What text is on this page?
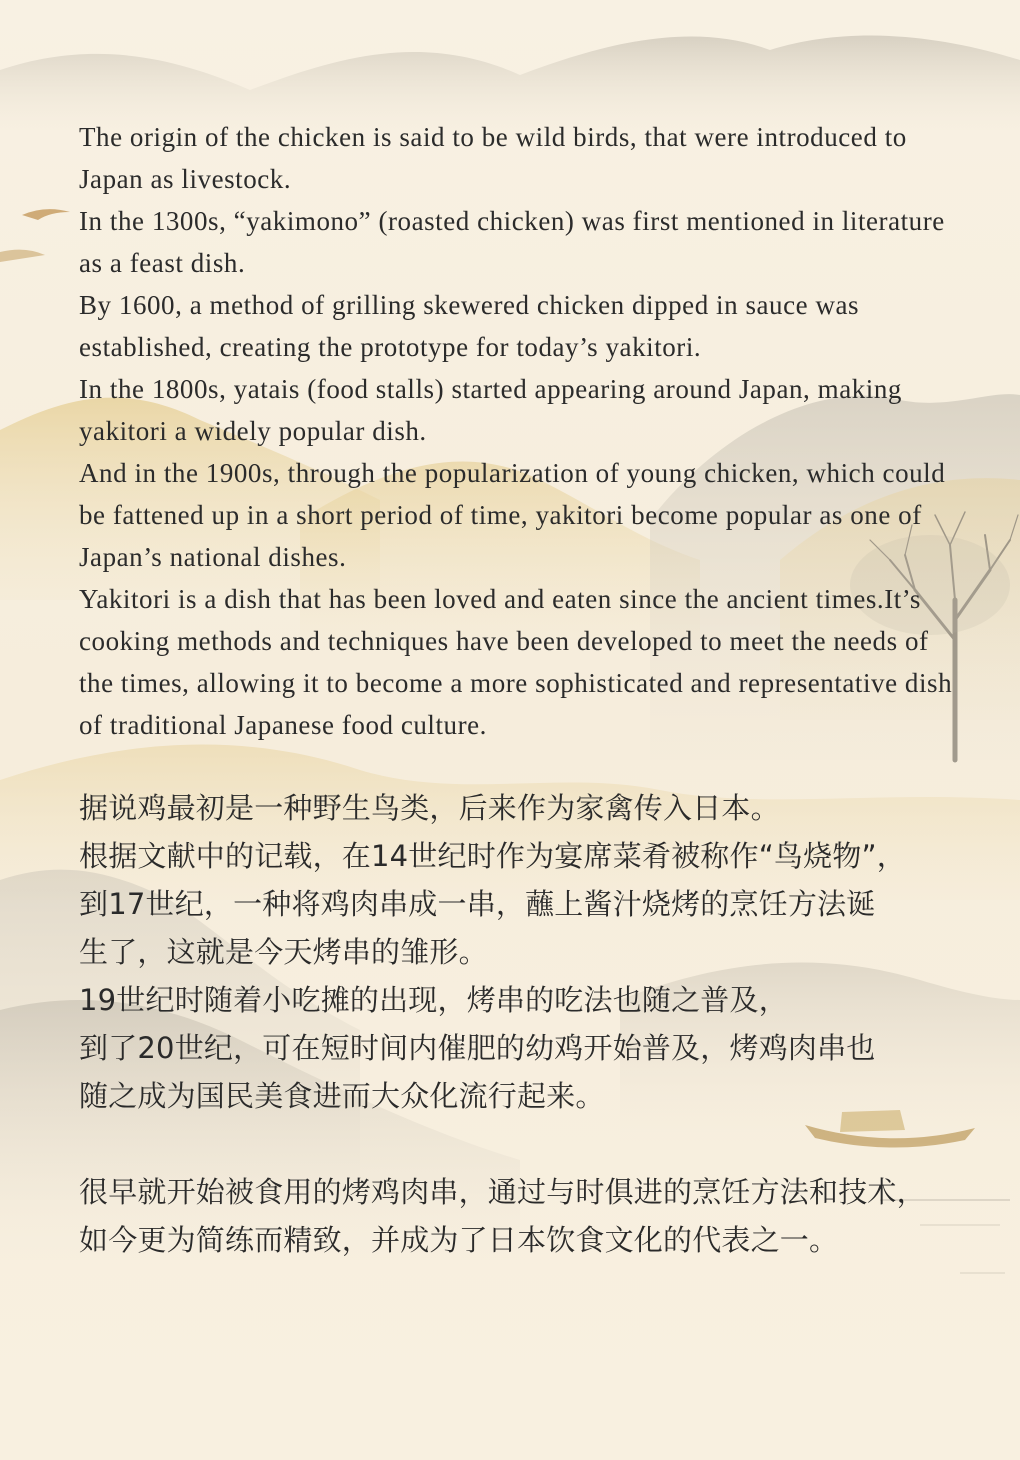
The origin of the chicken is said to be wild birds, that were introduced to Japan as livestock.

In the 1300s, “yakimono” (roasted chicken) was first mentioned in literature as a feast dish.

By 1600, a method of grilling skewered chicken dipped in sauce was established, creating the prototype for today’s yakitori.

In the 1800s, yatais (food stalls) started appearing around Japan, making yakitori a widely popular dish.

And in the 1900s, through the popularization of young chicken, which could be fattened up in a short period of time, yakitori become popular as one of Japan’s national dishes.

Yakitori is a dish that has been loved and eaten since the ancient times.It’s cooking methods and techniques have been developed to meet the needs of the times, allowing it to become a more sophisticated and representative dish of traditional Japanese food culture.

据说鸡最初是一种野生鸟类，后来作为家禽传入日本。

根据文献中的记载，在14世纪时作为宴席菜肴被称作“鸟烧物”，

到17世纪，一种将鸡肉串成一串，蘸上酱汁烧烤的烹饪方法诞

生了，这就是今天烤串的雏形。

19世纪时随着小吃摊的出现，烤串的吃法也随之普及，

到了20世纪，可在短时间内催肥的幼鸡开始普及，烤鸡肉串也

随之成为国民美食进而大众化流行起来。

很早就开始被食用的烤鸡肉串，通过与时俱进的烹饪方法和技术，

如今更为简练而精致，并成为了日本饮食文化的代表之一。
